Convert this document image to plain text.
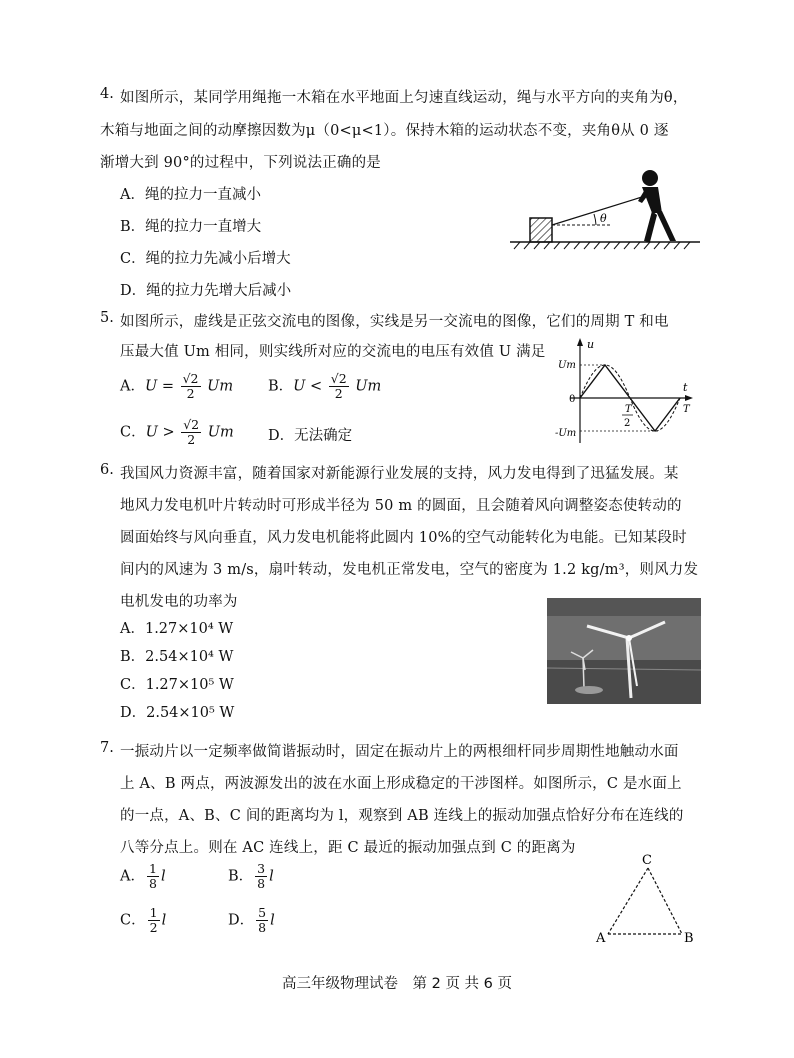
4. 如图所示，某同学用绳拖一木箱在水平地面上匀速直线运动，绳与水平方向的夹角为θ，
木箱与地面之间的动摩擦因数为μ（0<μ<1）。保持木箱的运动状态不变，夹角θ从 0 逐
渐增大到 90°的过程中，下列说法正确的是
A．绳的拉力一直减小
B．绳的拉力一直增大
C．绳的拉力先减小后增大
D．绳的拉力先增大后减小
θ
5. 如图所示，虚线是正弦交流电的图像，实线是另一交流电的图像，它们的周期 T 和电
压最大值 Um 相同，则实线所对应的交流电的电压有效值 U 满足
A．$U = \frac{√2}{2}$ Um B．$U < \frac{√2}{2}$ Um
C．$U > \frac{√2}{2}$ Um D．无法确定
u
t
Um
0
-Um
T
2
T
6. 我国风力资源丰富，随着国家对新能源行业发展的支持，风力发电得到了迅猛发展。某
地风力发电机叶片转动时可形成半径为 50 m 的圆面，且会随着风向调整姿态使转动的
圆面始终与风向垂直，风力发电机能将此圆内 10%的空气动能转化为电能。已知某段时
间内的风速为 3 m/s，扇叶转动，发电机正常发电，空气的密度为 1.2 kg/m³，则风力发
电机发电的功率为
A．1.27×10⁴ W
B．2.54×10⁴ W
C．1.27×10⁵ W
D．2.54×10⁵ W
7. 一振动片以一定频率做简谐振动时，固定在振动片上的两根细杆同步周期性地触动水面
上 A、B 两点，两波源发出的波在水面上形成稳定的干涉图样。如图所示，C 是水面上
的一点，A、B、C 间的距离均为 l，观察到 AB 连线上的振动加强点恰好分布在连线的
八等分点上。则在 AC 连线上，距 C 最近的振动加强点到 C 的距离为
A． $\frac{1}{8}$ l	B． $\frac{3}{8}$ l
C． $\frac{1}{2}$ l	D． $\frac{5}{8}$ l
C
A	B
高三年级物理试卷　第 2 页 共 6 页
